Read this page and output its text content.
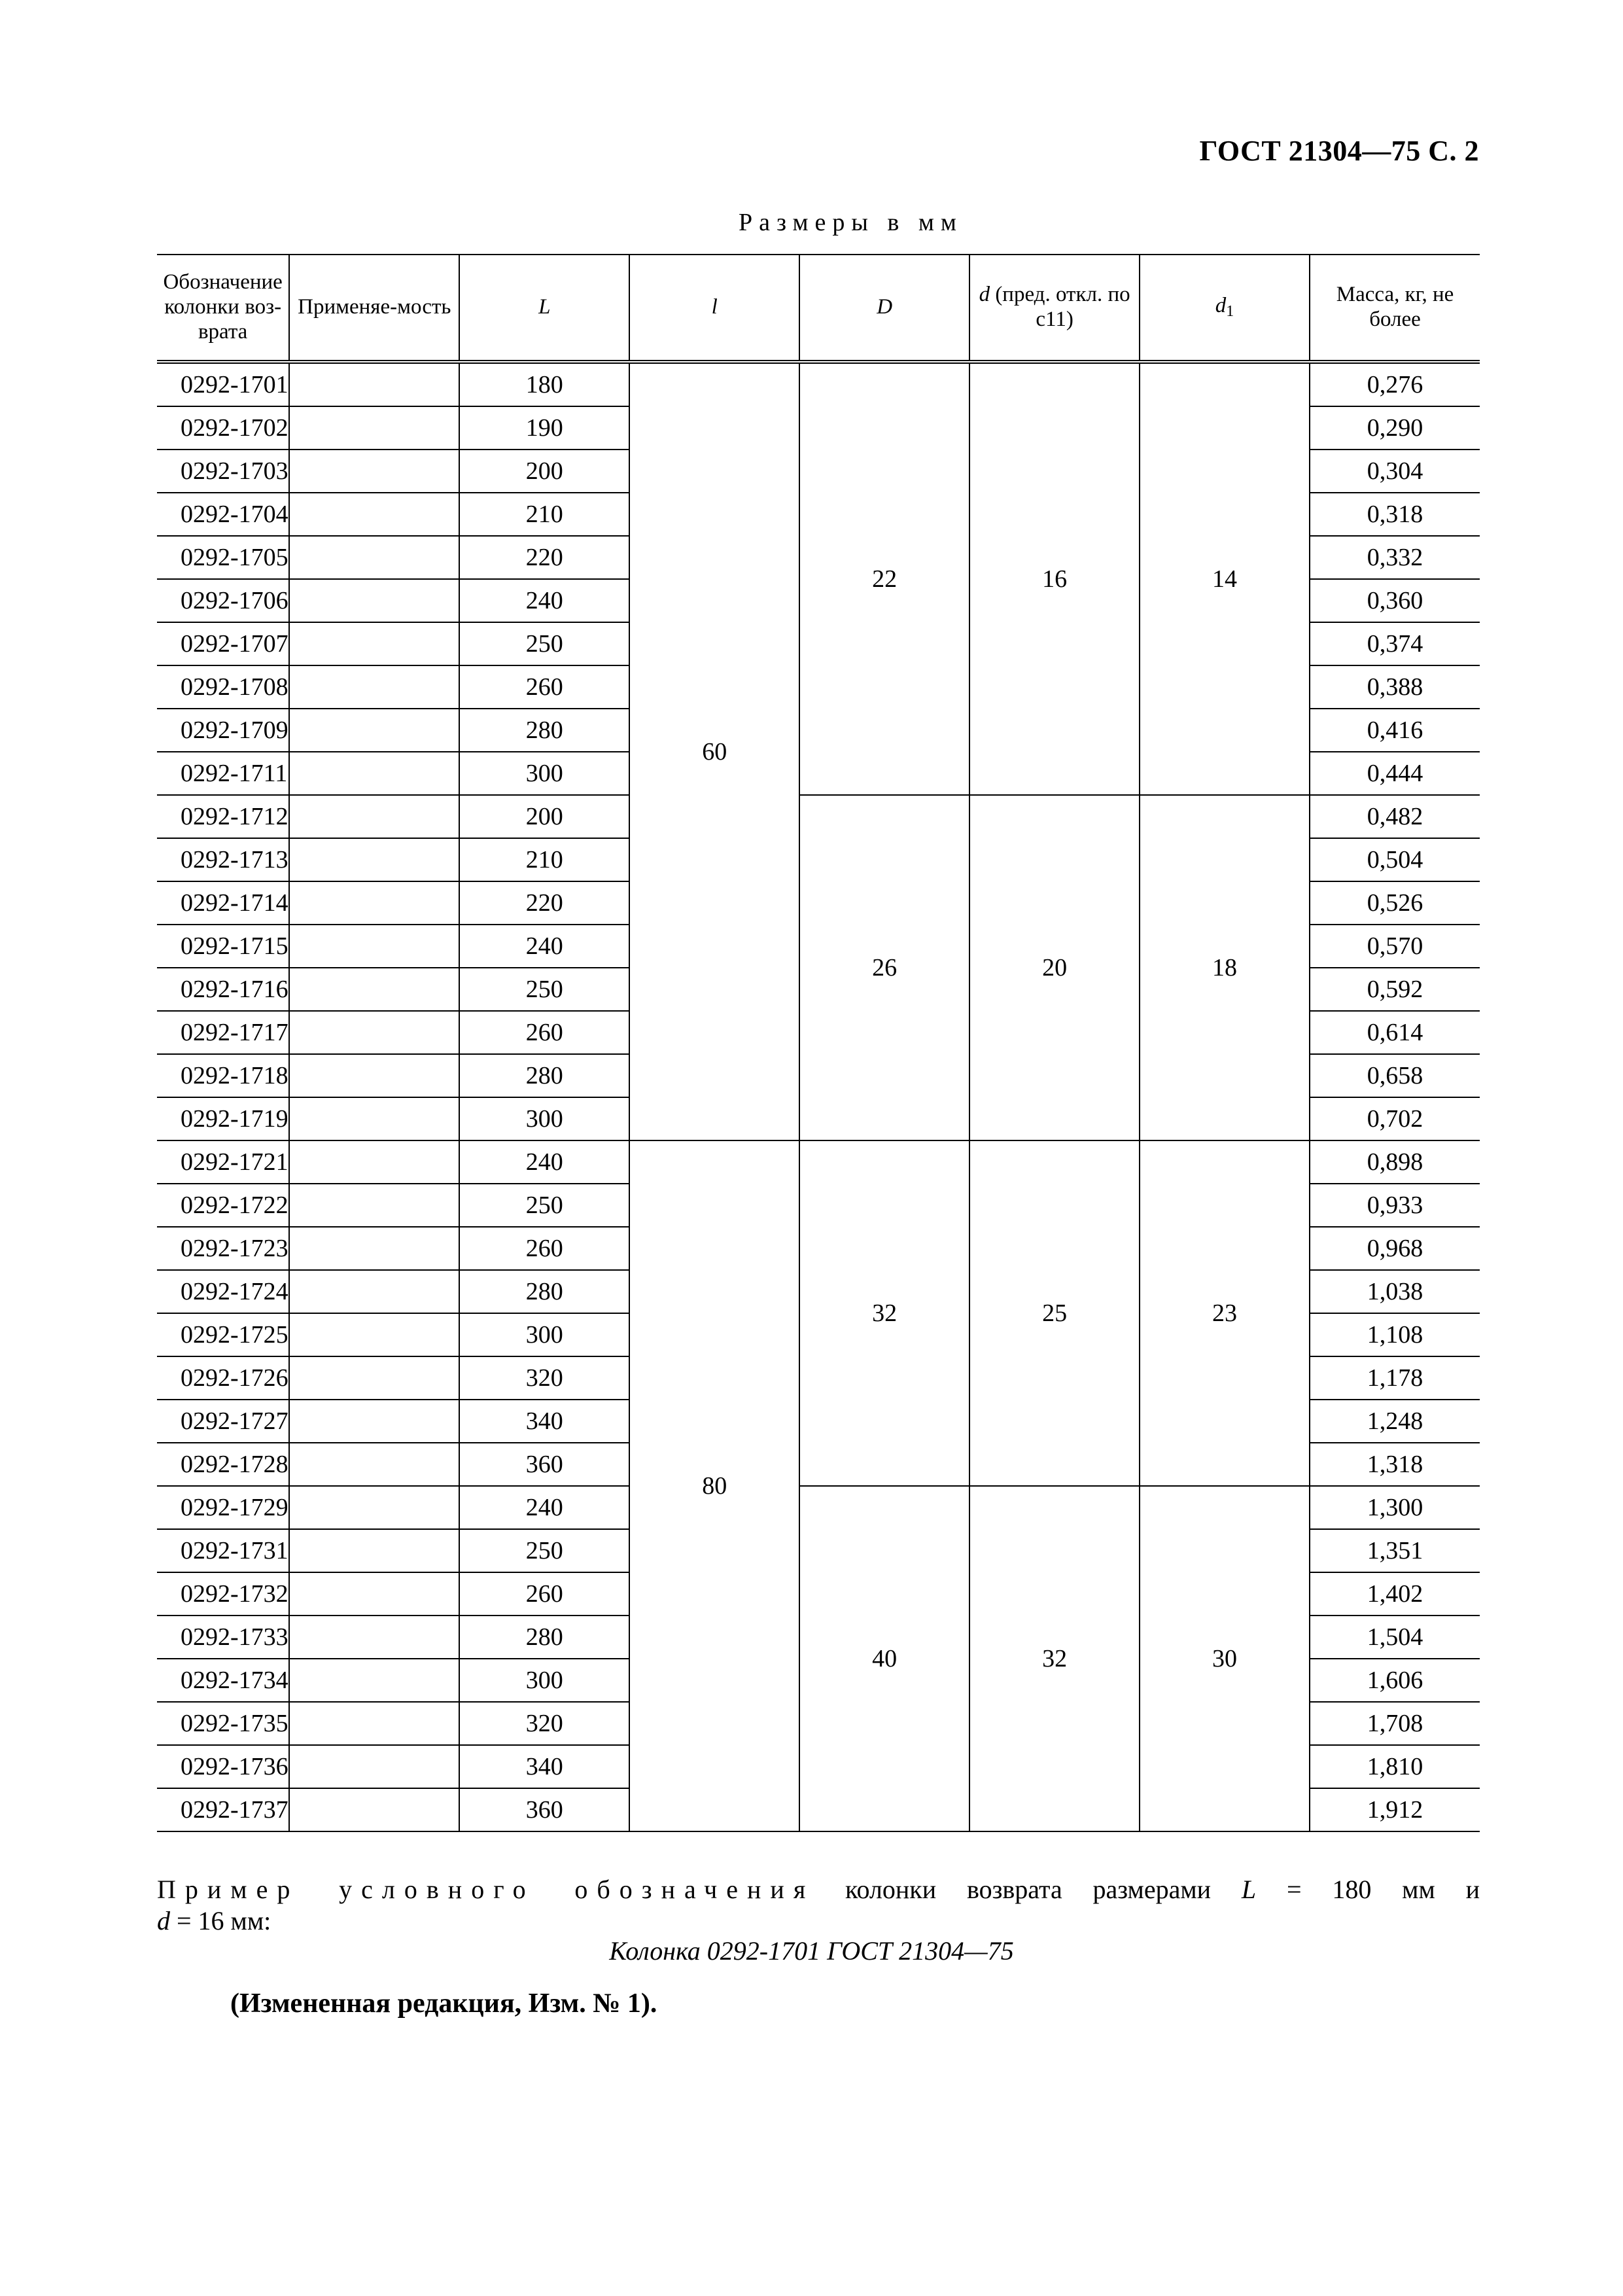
ГОСТ 21304—75 С. 2
Размеры в мм
Обозначение колонки воз-врата	Применяе-мость	L	l	D	d (пред. откл. по c11)	$d_1$	Масса, кг, не более
0292-1701		180	60	22	16	14	0,276
0292-1702		190					0,290
0292-1703		200					0,304
0292-1704		210					0,318
0292-1705		220					0,332
0292-1706		240					0,360
0292-1707		250					0,374
0292-1708		260					0,388
0292-1709		280					0,416
0292-1711		300					0,444
0292-1712		200		26	20	18	0,482
0292-1713		210					0,504
0292-1714		220					0,526
0292-1715		240					0,570
0292-1716		250					0,592
0292-1717		260					0,614
0292-1718		280					0,658
0292-1719		300					0,702
0292-1721		240	80	32	25	23	0,898
0292-1722		250					0,933
0292-1723		260					0,968
0292-1724		280					1,038
0292-1725		300					1,108
0292-1726		320					1,178
0292-1727		340					1,248
0292-1728		360					1,318
0292-1729		240		40	32	30	1,300
0292-1731		250					1,351
0292-1732		260					1,402
0292-1733		280					1,504
0292-1734		300					1,606
0292-1735		320					1,708
0292-1736		340					1,810
0292-1737		360					1,912
Пример условного обозначения колонки возврата размерами L = 180 мм и
d = 16 мм:
Колонка 0292-1701 ГОСТ 21304—75
(Измененная редакция, Изм. № 1).
